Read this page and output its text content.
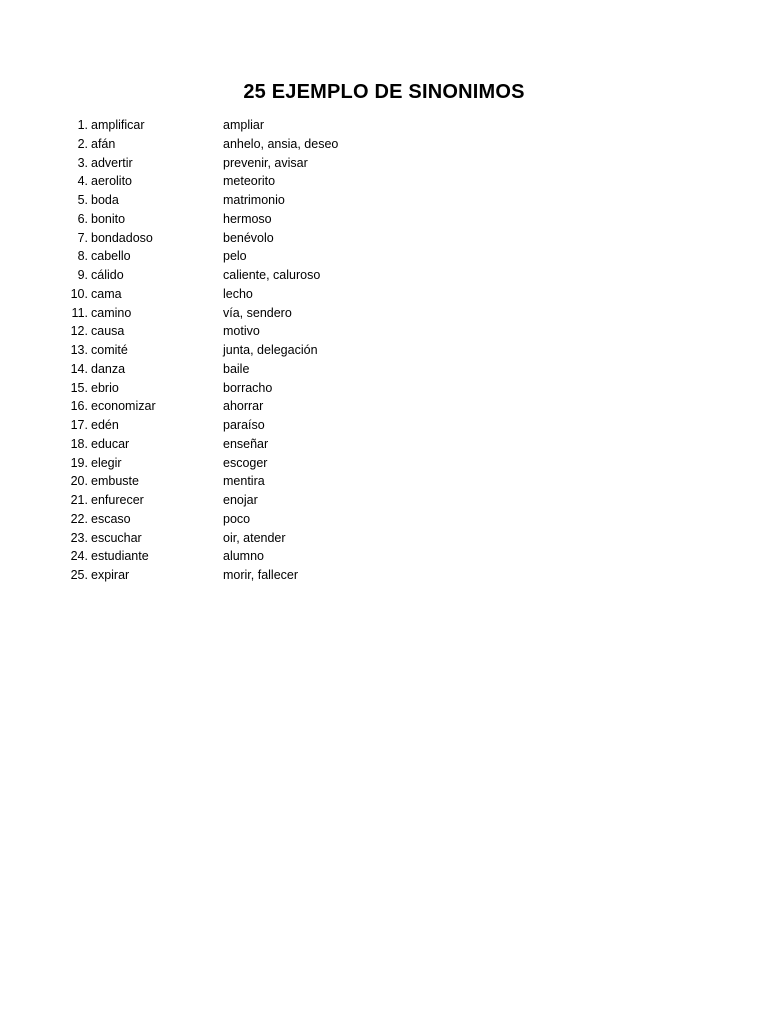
25 EJEMPLO DE SINONIMOS
1. amplificar	ampliar
2. afán	anhelo, ansia, deseo
3. advertir	prevenir, avisar
4. aerolito	meteorito
5. boda	matrimonio
6. bonito	hermoso
7. bondadoso	benévolo
8. cabello	pelo
9. cálido	caliente, caluroso
10. cama	lecho
11. camino	vía, sendero
12. causa	motivo
13. comité	junta, delegación
14. danza	baile
15. ebrio	borracho
16. economizar	ahorrar
17. edén	paraíso
18. educar	enseñar
19. elegir	escoger
20. embuste	mentira
21. enfurecer	enojar
22. escaso	poco
23. escuchar	oir, atender
24. estudiante	alumno
25. expirar	morir, fallecer
